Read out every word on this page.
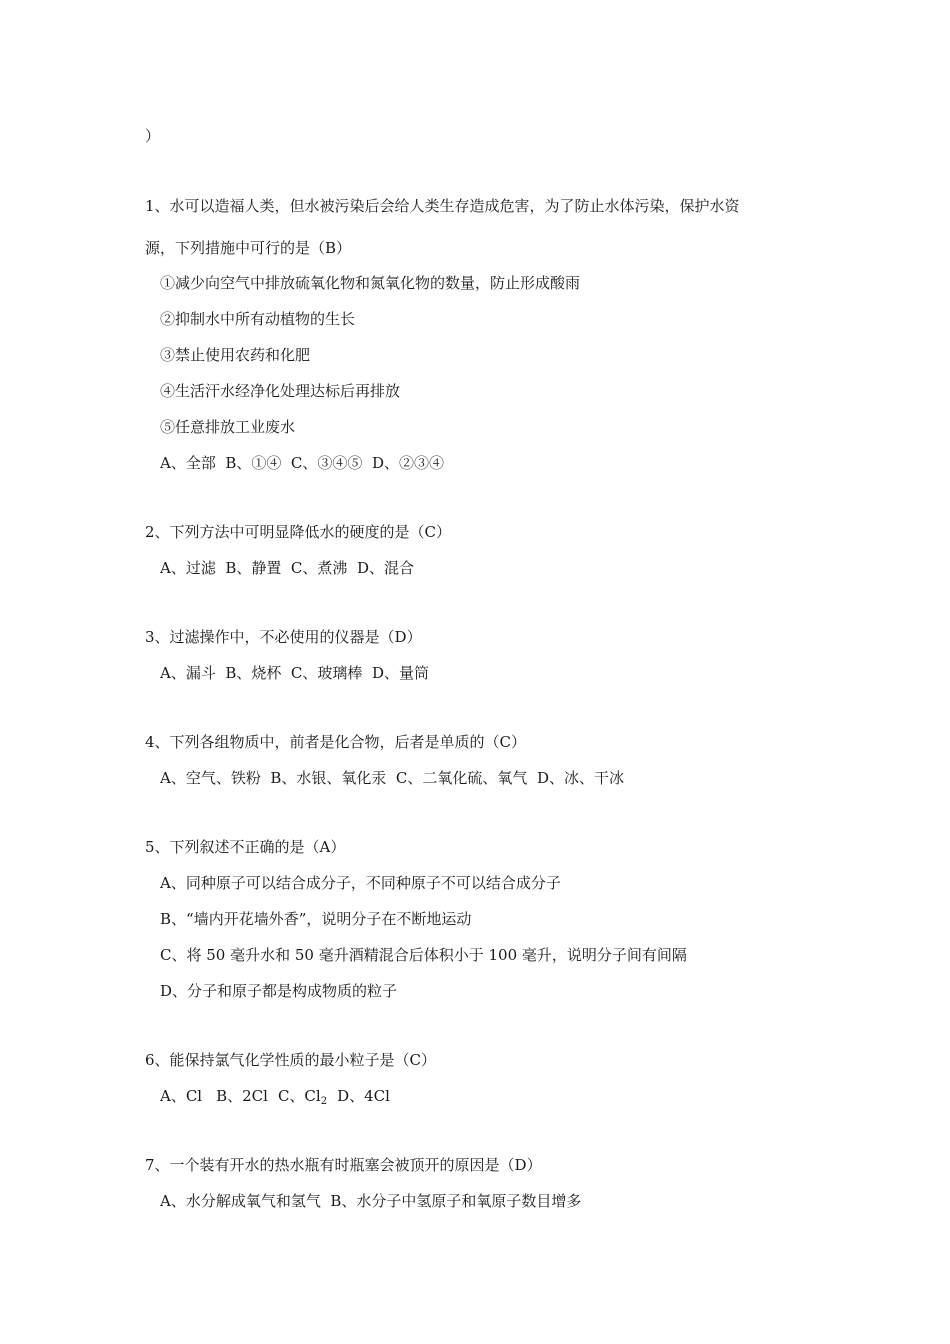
）
1、水可以造福人类，但水被污染后会给人类生存造成危害，为了防止水体污染，保护水资
源，下列措施中可行的是（B）
①减少向空气中排放硫氧化物和氮氧化物的数量，防止形成酸雨
②抑制水中所有动植物的生长
③禁止使用农药和化肥
④生活汗水经净化处理达标后再排放
⑤任意排放工业废水
A、全部  B、①④  C、③④⑤  D、②③④
2、下列方法中可明显降低水的硬度的是（C）
A、过滤  B、静置  C、煮沸  D、混合
3、过滤操作中，不必使用的仪器是（D）
A、漏斗  B、烧杯  C、玻璃棒  D、量筒
4、下列各组物质中，前者是化合物，后者是单质的（C）
A、空气、铁粉  B、水银、氧化汞  C、二氧化硫、氧气  D、冰、干冰
5、下列叙述不正确的是（A）
A、同种原子可以结合成分子，不同种原子不可以结合成分子
B、“墙内开花墙外香”，说明分子在不断地运动
C、将 50 毫升水和 50 毫升酒精混合后体积小于 100 毫升，说明分子间有间隔
D、分子和原子都是构成物质的粒子
6、能保持氯气化学性质的最小粒子是（C）
A、Cl B、2Cl C、$Cl_2$ D、4Cl
7、一个装有开水的热水瓶有时瓶塞会被顶开的原因是（D）
A、水分解成氧气和氢气  B、水分子中氢原子和氧原子数目增多
